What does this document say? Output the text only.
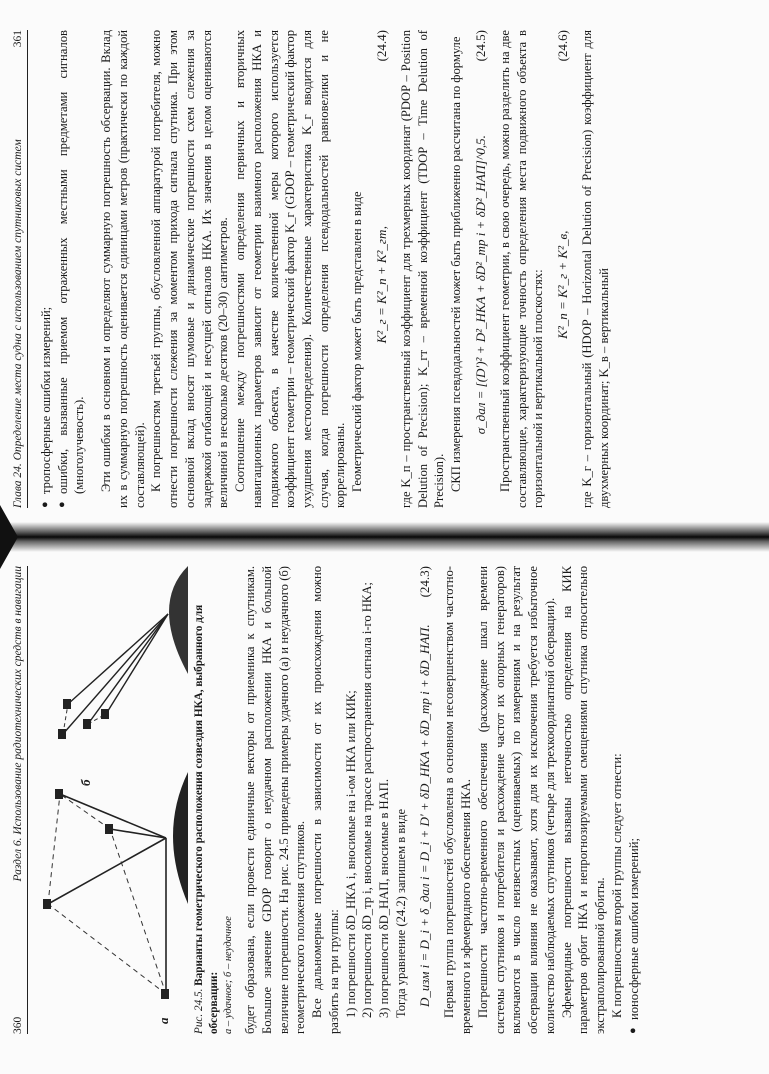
360
Раздел 6. Использование радиотехнических средств в навигации
а
б
Рис. 24.5. Варианты геометрического расположения созвездия НКА, выбранного для обсервации: а – удачное; б – неудачное будет образована, если провести единичные векторы от приемника к спутникам. Большое значение GDOP говорит о неудачном расположении НКА и большой величине погрешности. На рис. 24.5 приведены примеры удачного (а) и неудачного (б) геометрического положения спутников. Все дальномерные погрешности в зависимости от их происхождения можно разбить на три группы: 1) погрешности δD_НКА i, вносимые на i-ом НКА или КИК; 2) погрешности δD_тр i, вносимые на трассе распространения сигнала i-го НКА; 3) погрешности δD_НАП, вносимые в НАП. Тогда уравнение (24.2) запишем в виде D_изм i = D_i + δ_дал i = D_i + D' + δD_НКА + δD_тр i + δD_НАП.
(24.3) Первая группа погрешностей обусловлена в основном несовершенством частотно-временного и эфемеридного обеспечения НКА. Погрешности частотно-временного обеспечения (расхождение шкал времени системы спутников и потребителя и расхождение частот их опорных генераторов) включаются в число неизвестных (оцениваемых) по измерениям и на результат обсервации влияния не оказывают, хотя для их исключения требуется избыточное количество наблюдаемых спутников (четыре для трехкоординатной обсервации). Эфемеридные погрешности вызваны неточностью определения на КИК параметров орбит НКА и непрогнозируемыми смещениями спутника относительно экстраполированной орбиты. К погрешностям второй группы следует отнести:

●
ионосферные ошибки измерений;
Глава 24. Определение места судна с использованием спутниковых систем
361
●
тропосферные ошибки измерений;
●
ошибки, вызванные приемом отраженных местными предметами сигналов (многолучевость). Эти ошибки в основном и определяют суммарную погрешность обсервации. Вклад их в суммарную погрешность оценивается единицами метров (практически по каждой составляющей). К погрешностям третьей группы, обусловленной аппаратурой потребителя, можно отнести погрешности слежения за моментом прихода сигнала спутника. При этом основной вклад вносят шумовые и динамические погрешности схем слежения за задержкой огибающей и несущей сигналов НКА. Их значения в целом оцениваются величиной в несколько десятков (20–30) сантиметров. Соотношение между погрешностями определения первичных и вторичных навигационных параметров зависит от геометрии взаимного расположения НКА и подвижного объекта, в качестве количественной меры которого используется коэффициент геометрии – геометрический фактор K_г (GDOP – геометрический фактор ухудшения местоопределения). Количественные характеристика K_г вводится для случая, когда погрешности определения псевдодальностей равновелики и не коррелированы. Геометрический фактор может быть представлен в виде K²_г = K²_п + K²_гт,
(24.4) где K_п – пространственный коэффициент для трехмерных координат (PDOP – Position Delution of Precision); K_гт – временной коэффициент (TDOP – Time Delution of Precision). СКП измерения псевдодальностей может быть приближенно рассчитана по формуле σ_дал = [(D')² + D²_НКА + δD²_тр i + δD²_НАП]^0,5.
(24.5) Пространственный коэффициент геометрии, в свою очередь, можно разделить на две составляющие, характеризующие точность определения места подвижного объекта в горизонтальной и вертикальной плоскостях: K²_п = K²_г + K²_в,
(24.6) где K_г – горизонтальный (HDOP – Horizontal Delution of Precision) коэффициент для двухмерных координат; K_в – вертикальный
